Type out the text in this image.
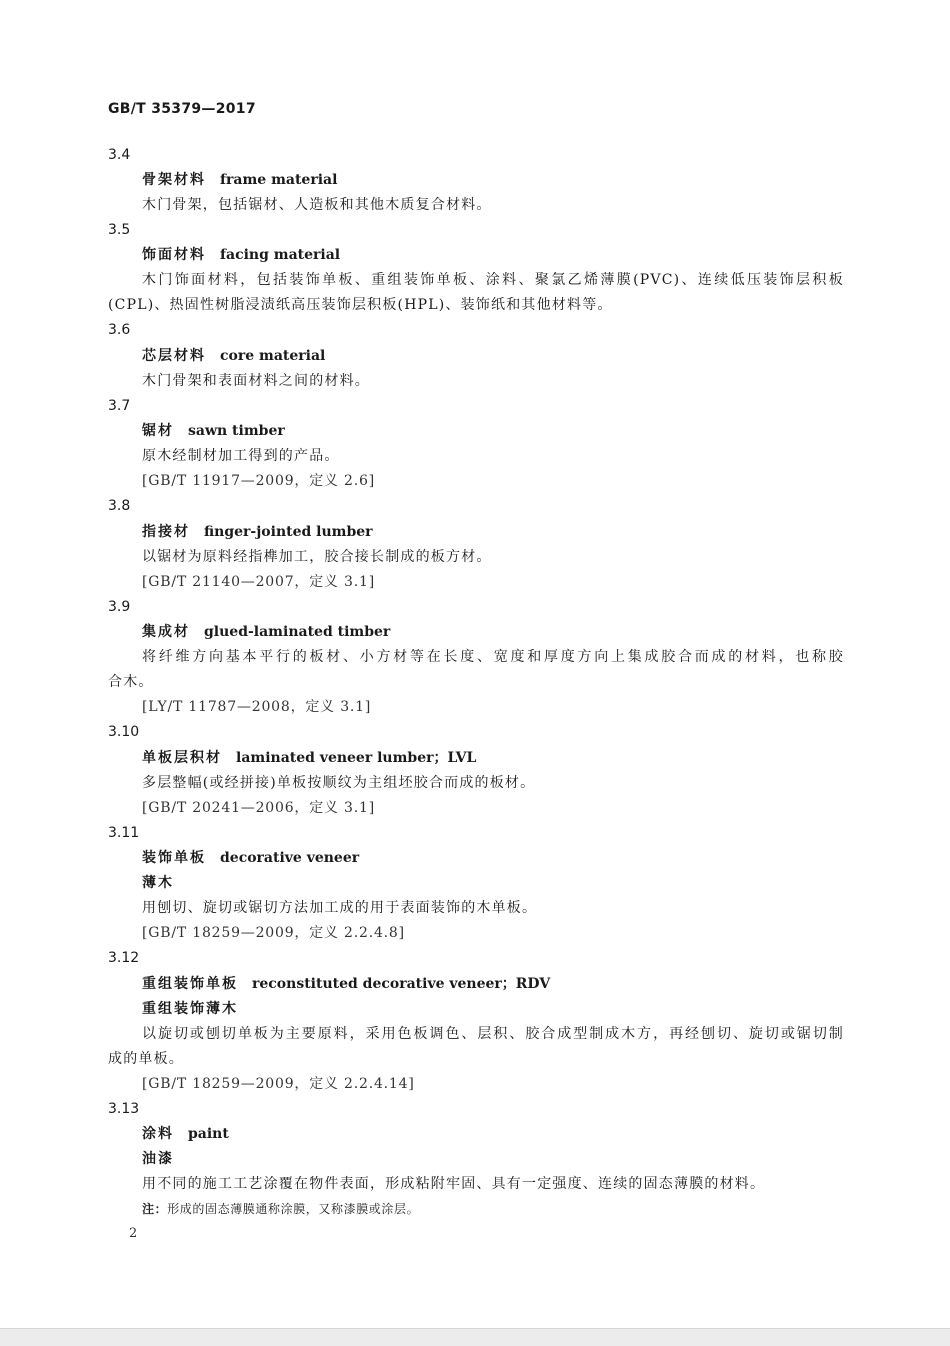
GB/T 35379—2017
3.4
骨架材料 frame material
木门骨架，包括锯材、人造板和其他木质复合材料。
3.5
饰面材料 facing material
木门饰面材料，包括装饰单板、重组装饰单板、涂料、聚氯乙烯薄膜(PVC)、连续低压装饰层积板
(CPL)、热固性树脂浸渍纸高压装饰层积板(HPL)、装饰纸和其他材料等。
3.6
芯层材料 core material
木门骨架和表面材料之间的材料。
3.7
锯材 sawn timber
原木经制材加工得到的产品。
[GB/T 11917—2009，定义 2.6]
3.8
指接材 finger-jointed lumber
以锯材为原料经指榫加工，胶合接长制成的板方材。
[GB/T 21140—2007，定义 3.1]
3.9
集成材 glued-laminated timber
将纤维方向基本平行的板材、小方材等在长度、宽度和厚度方向上集成胶合而成的材料，也称胶
合木。
[LY/T 11787—2008，定义 3.1]
3.10
单板层积材 laminated veneer lumber；LVL
多层整幅(或经拼接)单板按顺纹为主组坯胶合而成的板材。
[GB/T 20241—2006，定义 3.1]
3.11
装饰单板 decorative veneer
薄木
用刨切、旋切或锯切方法加工成的用于表面装饰的木单板。
[GB/T 18259—2009，定义 2.2.4.8]
3.12
重组装饰单板 reconstituted decorative veneer；RDV
重组装饰薄木
以旋切或刨切单板为主要原料，采用色板调色、层积、胶合成型制成木方，再经刨切、旋切或锯切制
成的单板。
[GB/T 18259—2009，定义 2.2.4.14]
3.13
涂料 paint
油漆
用不同的施工工艺涂覆在物件表面，形成粘附牢固、具有一定强度、连续的固态薄膜的材料。
注：形成的固态薄膜通称涂膜，又称漆膜或涂层。
2
